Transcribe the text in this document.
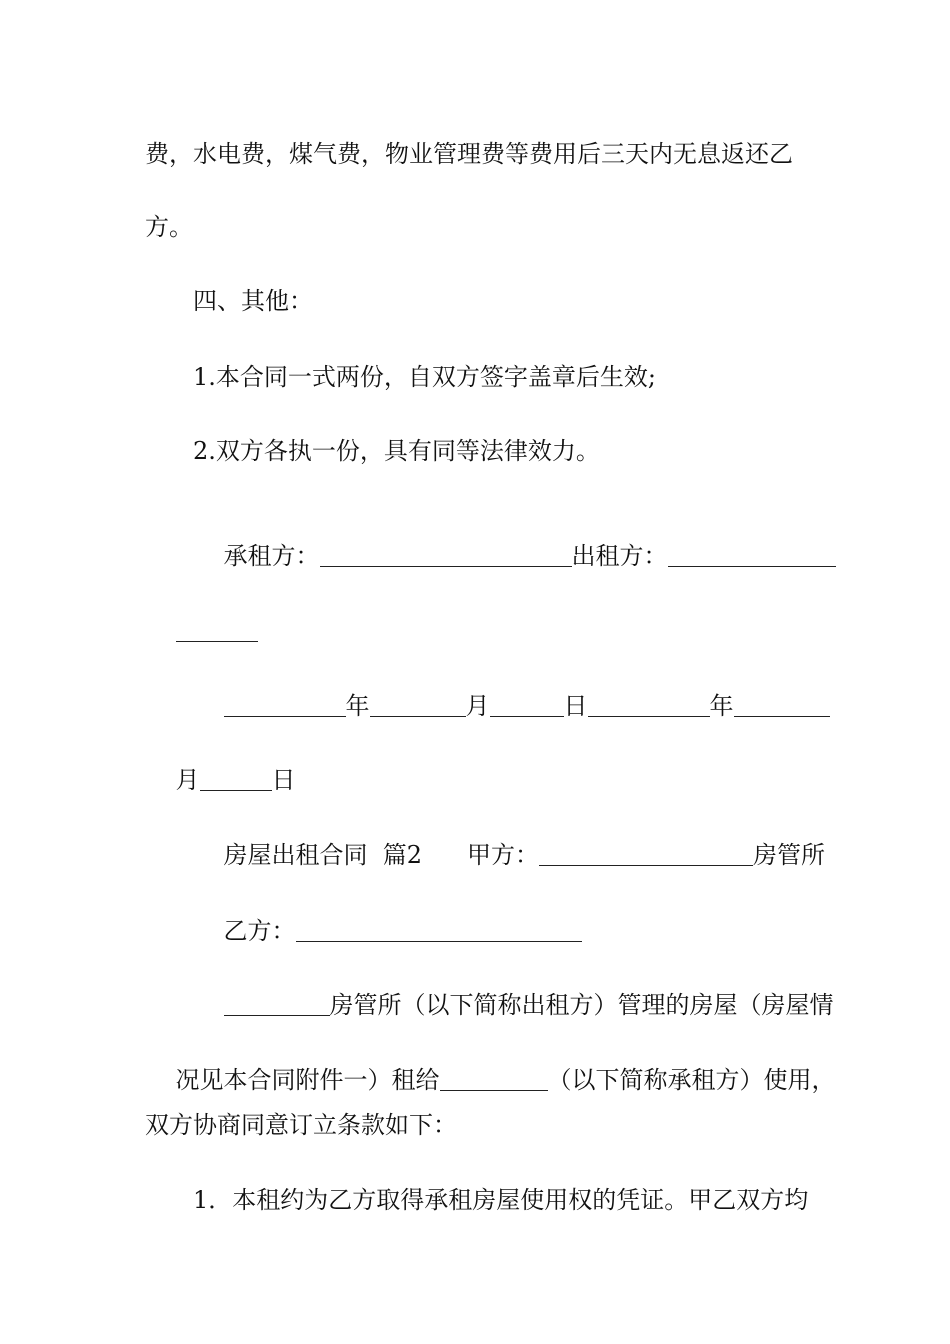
费，水电费，煤气费，物业管理费等费用后三天内无息返还乙
方。
四、其他：
1.本合同一式两份，自双方签字盖章后生效;
2.双方各执一份，具有同等法律效力。

承租方：	出租方：

年	月	日	年

月	日

房屋出租合同  篇2 甲方：	房管所

乙方：

房管所（以下简称出租方）管理的房屋（房屋情

况见本合同附件一）租给	（以下简称承租方）使用，

双方协商同意订立条款如下：
1．本租约为乙方取得承租房屋使用权的凭证。甲乙双方均
